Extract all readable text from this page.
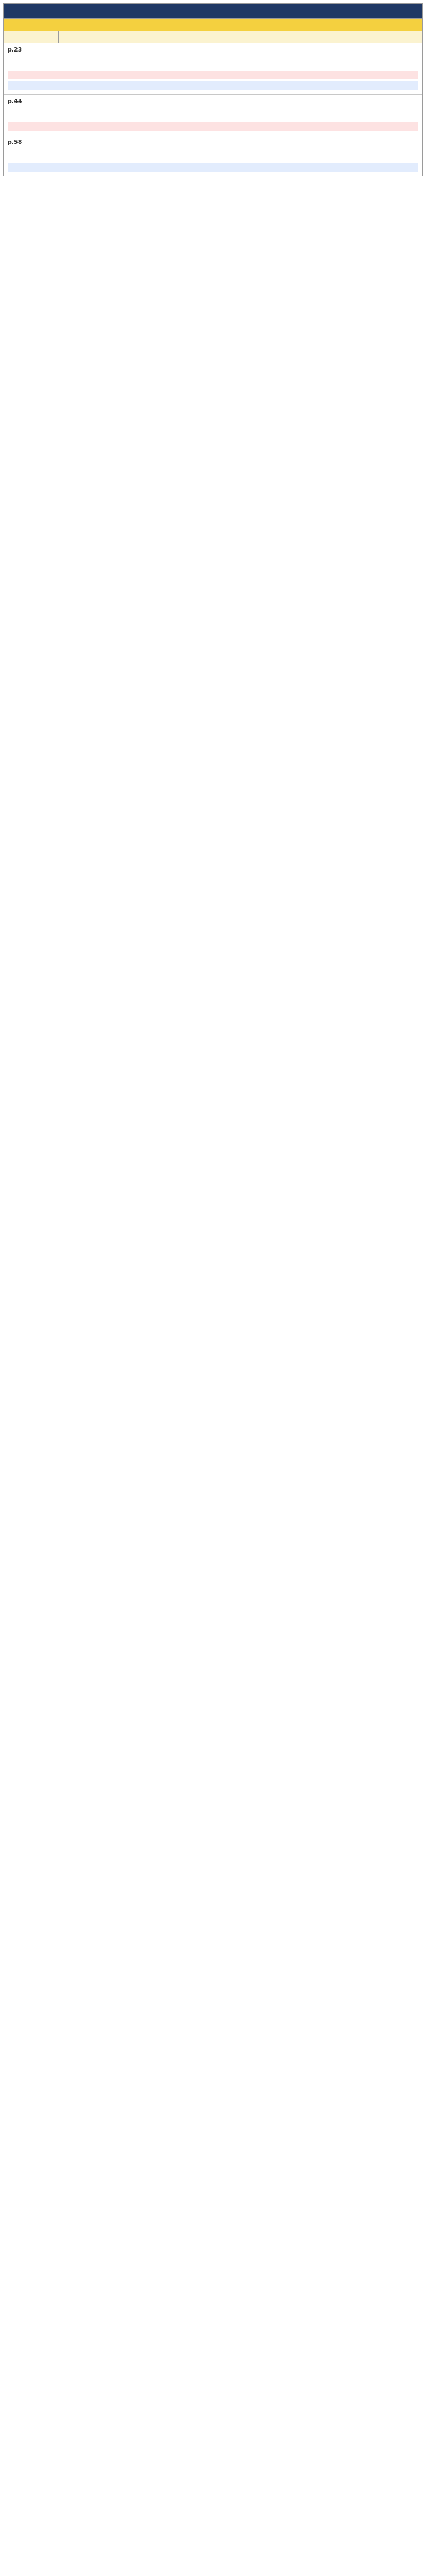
p.23
p.44
p.58
